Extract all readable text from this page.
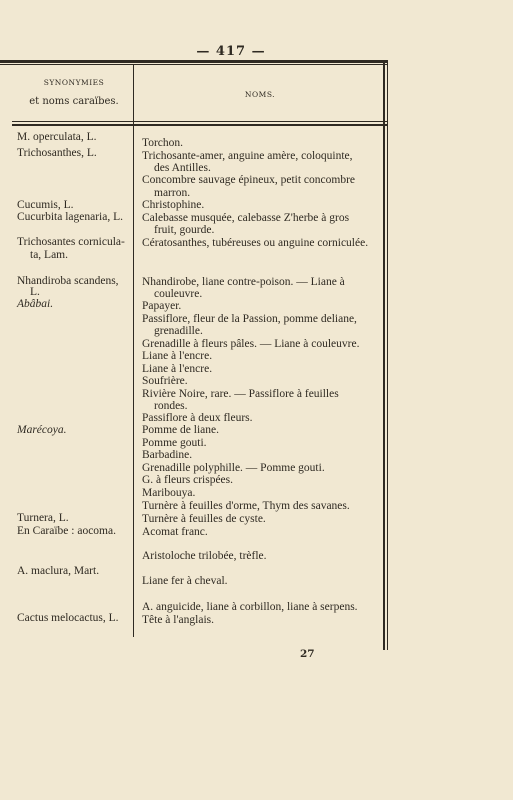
— 417 —
SYNONYMIES
et noms caraïbes.
NOMS.
M. operculata, L.
Trichosanthes, L.
Cucumis, L.
Cucurbita lagenaria, L.
Trichosantes cornicula-
ta, Lam.
Nhandiroba scandens,
L.
Abâbai.
Marécoya.
Turnera, L.
En Caraïbe : aocoma.
A. maclura, Mart.
Cactus melocactus, L.
Torchon.
Trichosante-amer, anguine amère, coloquinte,
des Antilles.
Concombre sauvage épineux, petit concombre
marron.
Christophine.
Calebasse musquée, calebasse Z'herbe à gros
fruit, gourde.
Cératosanthes, tubéreuses ou anguine corniculée.
Nhandirobe, liane contre-poison. — Liane à
couleuvre.
Papayer.
Passiflore, fleur de la Passion, pomme deliane,
grenadille.
Grenadille à fleurs pâles. — Liane à couleuvre.
Liane à l'encre.
Liane à l'encre.
Soufrière.
Rivière Noire, rare. — Passiflore à feuilles
rondes.
Passiflore à deux fleurs.
Pomme de liane.
Pomme gouti.
Barbadine.
Grenadille polyphille. — Pomme gouti.
G. à fleurs crispées.
Maribouya.
Turnère à feuilles d'orme, Thym des savanes.
Turnère à feuilles de cyste.
Acomat franc.
Aristoloche trilobée, trèfle.
Liane fer à cheval.
A. anguicide, liane à corbillon, liane à serpens.
Tête à l'anglais.
27
